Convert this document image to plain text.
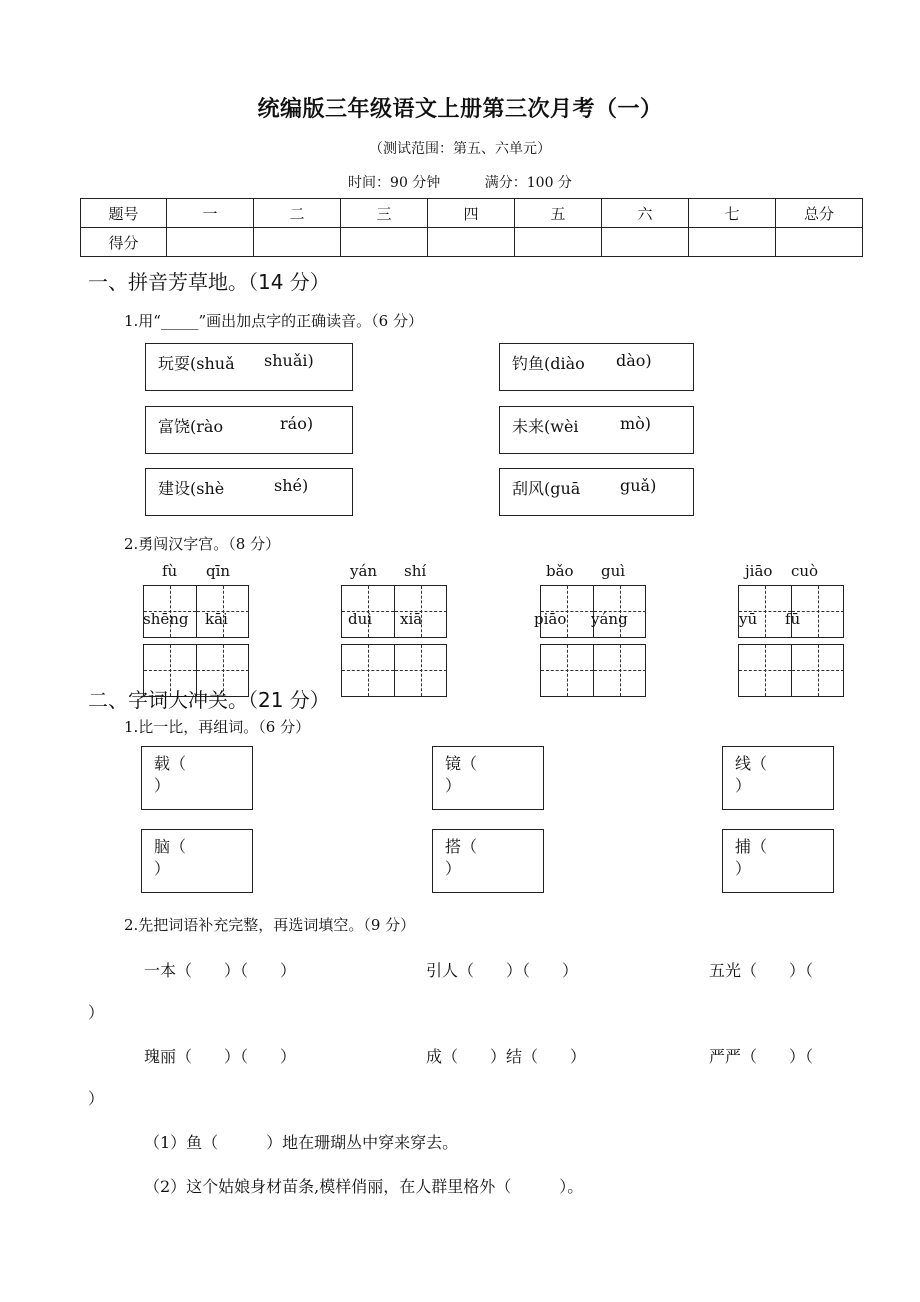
统编版三年级语文上册第三次月考（一）
（测试范围：第五、六单元）
时间：90 分钟	满分：100 分
题号	一	二	三	四	五	六	七	总分
得分								
一、拼音芳草地。（14 分）
1.用“_____”画出加点字的正确读音。（6 分）
玩耍(shuǎ shuǎi)	钓鱼(diào dào)
富饶(rào	ráo)	未来(wèi	mò)
建设(shè	shé)	刮风(guā guǎ)
2.勇闯汉字宫。（8 分）
fù qīn
shēng kāi
yán shí
duì xiā
bǎo guì
piāo yáng
jiāo cuò
yū fū
二、字词大冲关。（21 分）
1.比一比，再组词。（6 分）
载（
）
镜（
）
线（
）
脑（
）
搭（
）
捕（
）
2.先把词语补充完整，再选词填空。（9 分）
一本（　　）（　　）	引人（　　）（　　）	五光（　　）（
）
瑰丽（　　）（　　）	成（　　）结（　　）	严严（　　）（
）
（1）鱼（　　　）地在珊瑚丛中穿来穿去。
（2）这个姑娘身材苗条,模样俏丽，在人群里格外（　　　）。
